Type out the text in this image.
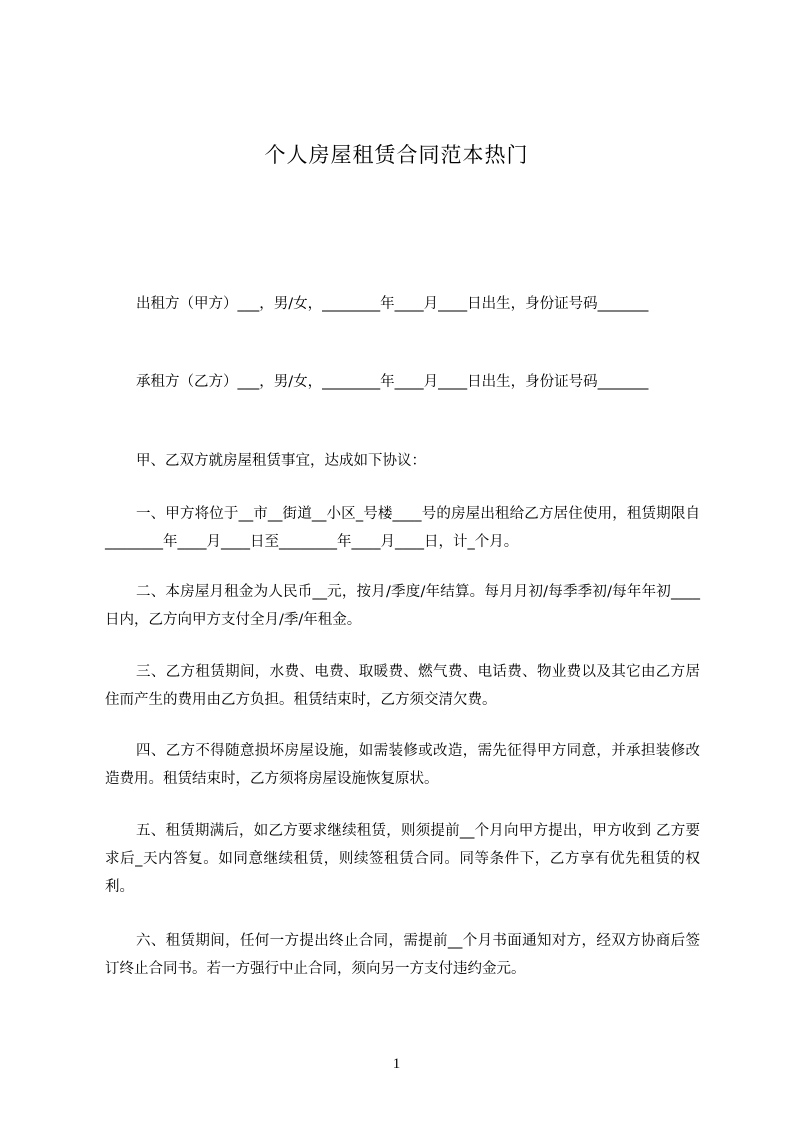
个人房屋租赁合同范本热门

出租方（甲方）___，男/女，________年____月____日出生，身份证号码_______

承租方（乙方）___，男/女，________年____月____日出生，身份证号码_______

甲、乙双方就房屋租赁事宜，达成如下协议：

一、甲方将位于__市__街道__小区_号楼____号的房屋出租给乙方居住使用，租赁期限自________年____月____日至________年____月____日，计_个月。

二、本房屋月租金为人民币__元，按月/季度/年结算。每月月初/每季季初/每年年初____日内，乙方向甲方支付全月/季/年租金。

三、乙方租赁期间，水费、电费、取暖费、燃气费、电话费、物业费以及其它由乙方居住而产生的费用由乙方负担。租赁结束时，乙方须交清欠费。

四、乙方不得随意损坏房屋设施，如需装修或改造，需先征得甲方同意，并承担装修改造费用。租赁结束时，乙方须将房屋设施恢复原状。

五、租赁期满后，如乙方要求继续租赁，则须提前__个月向甲方提出，甲方收到 乙方要求后_天内答复。如同意继续租赁，则续签租赁合同。同等条件下，乙方享有优先租赁的权利。

六、租赁期间，任何一方提出终止合同，需提前__个月书面通知对方，经双方协商后签订终止合同书。若一方强行中止合同，须向另一方支付违约金元。

1
